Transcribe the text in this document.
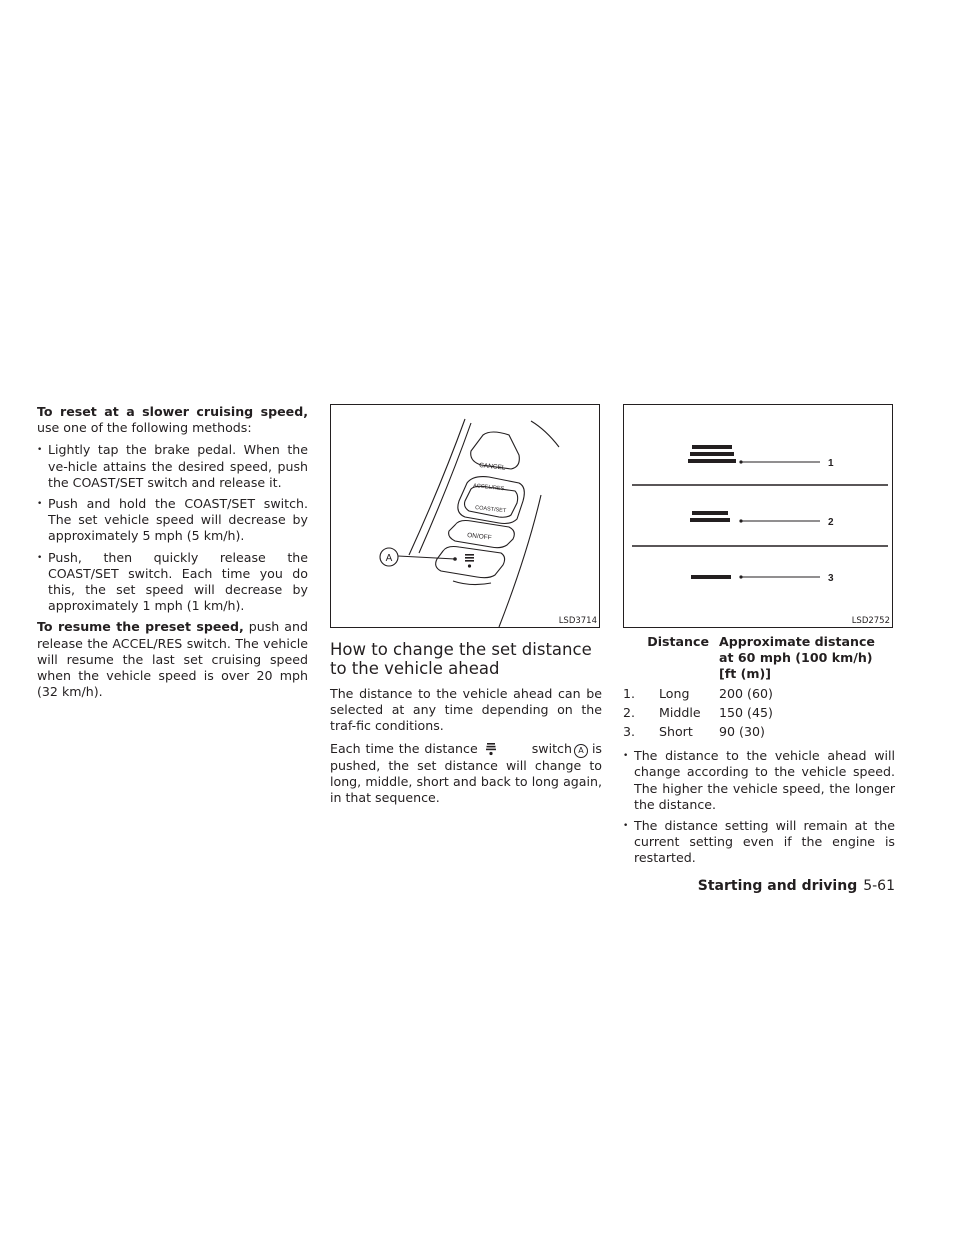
To reset at a slower cruising speed, use one of the following methods:

• Lightly tap the brake pedal. When the ve-hicle attains the desired speed, push the COAST/SET switch and release it.
• Push and hold the COAST/SET switch. The set vehicle speed will decrease by approximately 5 mph (5 km/h).
• Push, then quickly release the COAST/SET switch. Each time you do this, the set speed will decrease by approximately 1 mph (1 km/h).

To resume the preset speed, push and release the ACCEL/RES switch. The vehicle will resume the last set cruising speed when the vehicle speed is over 20 mph (32 km/h).

A
CANCEL
ACCEL/RES
COAST/SET
ON/OFF
LSD3714
How to change the set distance to the vehicle ahead

The distance to the vehicle ahead can be selected at any time depending on the traf-fic conditions.

Each time the distance	switch A is pushed, the set distance will change to long, middle, short and back to long again, in that sequence.

1
2
3
LSD2752
Distance		Approximate distance at 60 mph (100 km/h) [ft (m)]
1.	Long	200 (60)
2.	Middle	150 (45)
3.	Short	90 (30)
• The distance to the vehicle ahead will change according to the vehicle speed. The higher the vehicle speed, the longer the distance.
• The distance setting will remain at the current setting even if the engine is restarted.
Starting and driving 5-61
